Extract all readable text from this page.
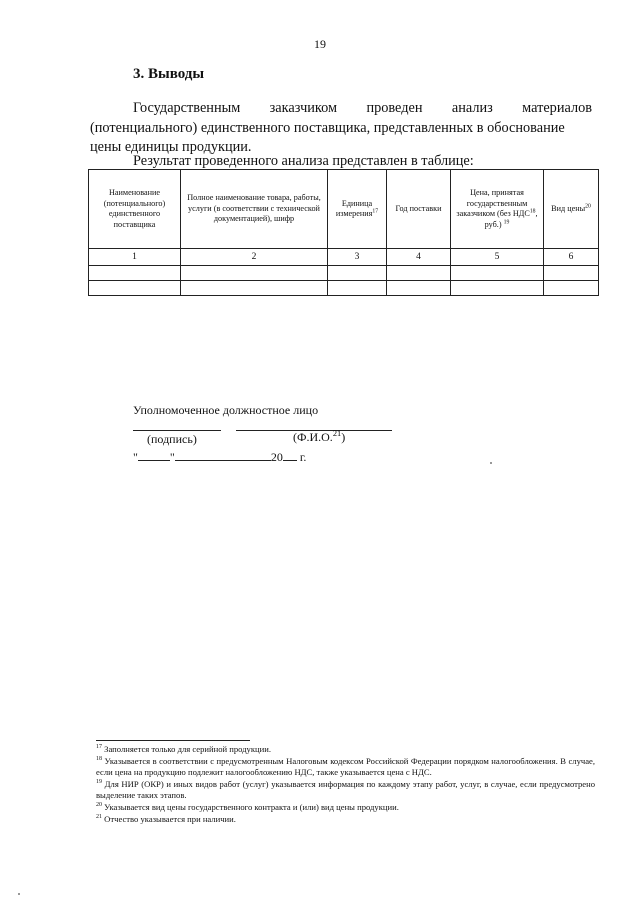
19
3. Выводы
Государственным заказчиком проведен анализ материалов
(потенциального) единственного поставщика, представленных в обоснование
цены единицы продукции.
Результат проведенного анализа представлен в таблице:
Наименование (потенциального) единственного поставщика	Полное наименование товара, работы, услуги (в соответствии с технической документацией), шифр	Единица измерения$^{17}$	Год поставки	Цена, принятая государственным заказчиком (без НДС$^{18}$, руб.) $^{19}$	Вид цены$^{20}$
1	2	3	4	5	6

Уполномоченное должностное лицо
(подпись)	(Ф.И.О.$^{21}$)
"	"	20 г.

$^{17}$ Заполняется только для серийной продукции.

$^{18}$ Указывается в соответствии с предусмотренным Налоговым кодексом Российской Федерации порядком налогообложения. В случае, если цена на продукцию подлежит налогообложению НДС, также указывается цена с НДС.

$^{19}$ Для НИР (ОКР) и иных видов работ (услуг) указывается информация по каждому этапу работ, услуг, в случае, если предусмотрено выделение таких этапов.

$^{20}$ Указывается вид цены государственного контракта и (или) вид цены продукции.

$^{21}$ Отчество указывается при наличии.
